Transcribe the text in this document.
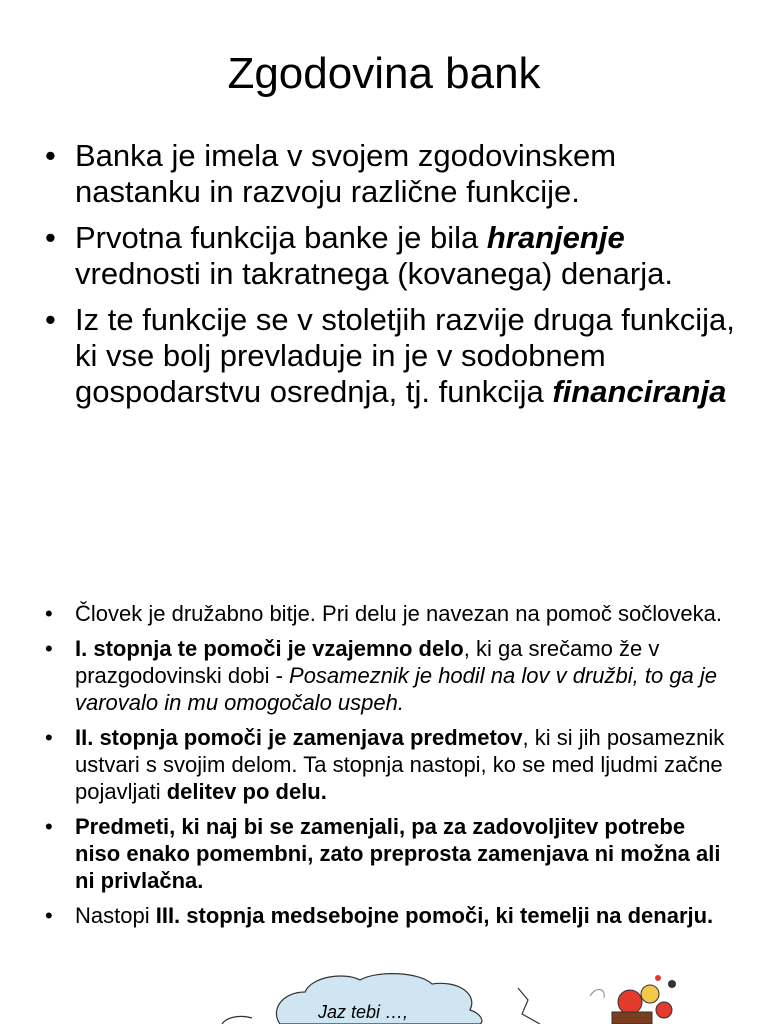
Zgodovina bank
• Banka je imela v svojem zgodovinskem nastanku in razvoju različne funkcije.
• Prvotna funkcija banke je bila hranjenje vrednosti in takratnega (kovanega) denarja.
• Iz te funkcije se v stoletjih razvije druga funkcija, ki vse bolj prevladuje in je v sodobnem gospodarstvu osrednja, tj. funkcija financiranja
• Človek je družabno bitje. Pri delu je navezan na pomoč sočloveka.
• I. stopnja te pomoči je vzajemno delo, ki ga srečamo že v prazgodovinski dobi - Posameznik je hodil na lov v družbi, to ga je varovalo in mu omogočalo uspeh.
• II. stopnja pomoči je zamenjava predmetov, ki si jih posameznik ustvari s svojim delom. Ta stopnja nastopi, ko se med ljudmi začne pojavljati delitev po delu.
• Predmeti, ki naj bi se zamenjali, pa za zadovoljitev potrebe niso enako pomembni, zato preprosta zamenjava ni možna ali ni privlačna.
• Nastopi III. stopnja medsebojne pomoči, ki temelji na denarju.
Jaz tebi …,
